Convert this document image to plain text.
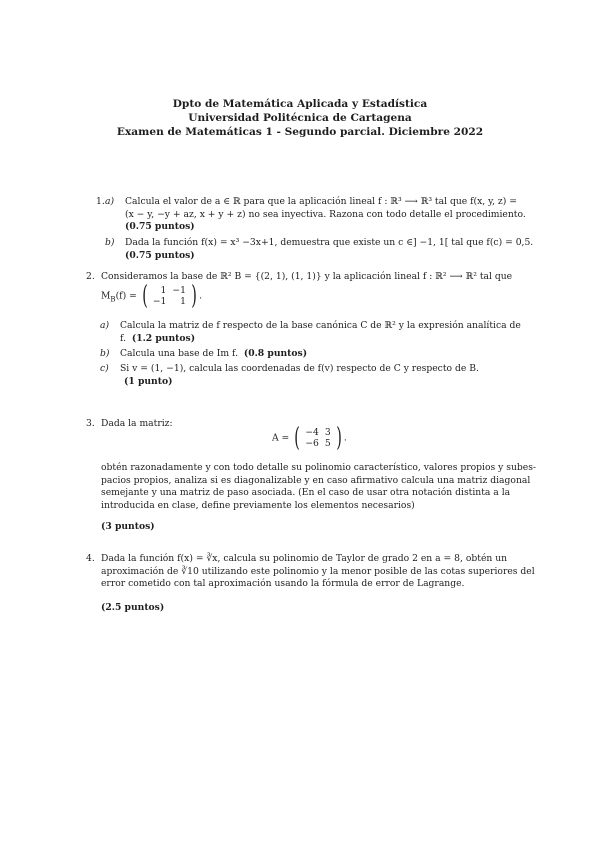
Dpto de Matemática Aplicada y Estadística
Universidad Politécnica de Cartagena
Examen de Matemáticas 1 - Segundo parcial. Diciembre 2022
1. a) Calcula el valor de a ∈ ℝ para que la aplicación lineal f : ℝ³ ⟶ ℝ³ tal que f(x, y, z) =
(x − y, −y + az, x + y + z) no sea inyectiva. Razona con todo detalle el procedimiento.
(0.75 puntos)
b) Dada la función f(x) = x³ −3x+1, demuestra que existe un c ∈] −1, 1[ tal que f(c) = 0,5.
(0.75 puntos)
2. Consideramos la base de ℝ² B = {(2, 1), (1, 1)} y la aplicación lineal f : ℝ² ⟶ ℝ² tal que
$M_B(f)$ = ( 1	−1
−1	1 ) .
a) Calcula la matriz de f respecto de la base canónica C de ℝ² y la expresión analítica de
f. (1.2 puntos)
b) Calcula una base de Im f. (0.8 puntos)
c) Si v = (1, −1), calcula las coordenadas de f(v) respecto de C y respecto de B.
(1 punto)
3. Dada la matriz:
A = ( −4	3
−6	5 ) .
obtén razonadamente y con todo detalle su polinomio característico, valores propios y subes-
pacios propios, analiza si es diagonalizable y en caso afirmativo calcula una matriz diagonal
semejante y una matriz de paso asociada. (En el caso de usar otra notación distinta a la
introducida en clase, define previamente los elementos necesarios)
(3 puntos)
4. Dada la función f(x) = ∛x, calcula su polinomio de Taylor de grado 2 en a = 8, obtén un
aproximación de ∛10 utilizando este polinomio y la menor posible de las cotas superiores del
error cometido con tal aproximación usando la fórmula de error de Lagrange.
(2.5 puntos)
